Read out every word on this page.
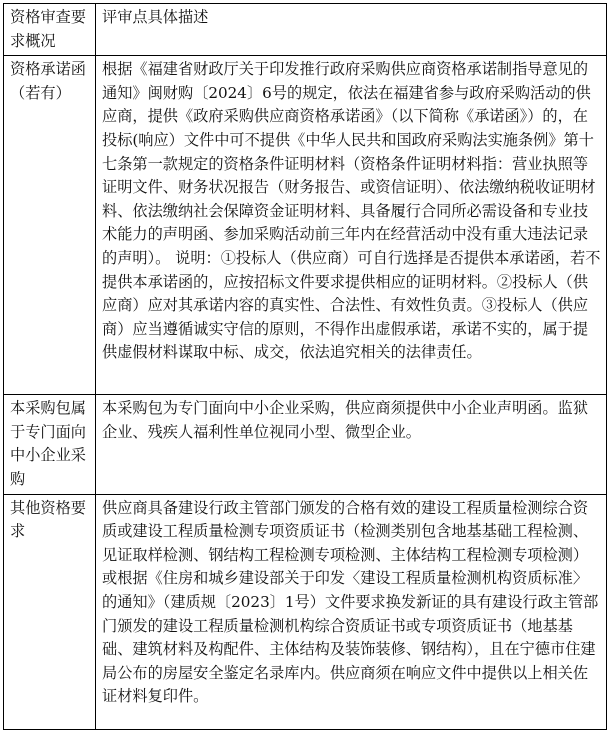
资格审查要求概况	评审点具体描述
资格承诺函（若有）	根据《福建省财政厅关于印发推行政府采购供应商资格承诺制指导意见的通知》闽财购〔2024〕6号的规定，依法在福建省参与政府采购活动的供应商，提供《政府采购供应商资格承诺函》（以下简称《承诺函》）的，在投标(响应）文件中可不提供《中华人民共和国政府采购法实施条例》第十七条第一款规定的资格条件证明材料（资格条件证明材料指：营业执照等证明文件、财务状况报告（财务报告、或资信证明）、依法缴纳税收证明材料、依法缴纳社会保障资金证明材料、具备履行合同所必需设备和专业技术能力的声明函、参加采购活动前三年内在经营活动中没有重大违法记录的声明）。 说明：①投标人（供应商）可自行选择是否提供本承诺函，若不提供本承诺函的，应按招标文件要求提供相应的证明材料。②投标人（供应商）应对其承诺内容的真实性、合法性、有效性负责。③投标人（供应商）应当遵循诚实守信的原则，不得作出虚假承诺，承诺不实的，属于提供虚假材料谋取中标、成交，依法追究相关的法律责任。
本采购包属于专门面向中小企业采购	本采购包为专门面向中小企业采购，供应商须提供中小企业声明函。监狱企业、残疾人福利性单位视同小型、微型企业。
其他资格要求	供应商具备建设行政主管部门颁发的合格有效的建设工程质量检测综合资质或建设工程质量检测专项资质证书（检测类别包含地基基础工程检测、见证取样检测、钢结构工程检测专项检测、主体结构工程检测专项检测）或根据《住房和城乡建设部关于印发〈建设工程质量检测机构资质标准〉的通知》（建质规〔2023〕1号）文件要求换发新证的具有建设行政主管部门颁发的建设工程质量检测机构综合资质证书或专项资质证书（地基基础、建筑材料及构配件、主体结构及装饰装修、钢结构），且在宁德市住建局公布的房屋安全鉴定名录库内。供应商须在响应文件中提供以上相关佐证材料复印件。
